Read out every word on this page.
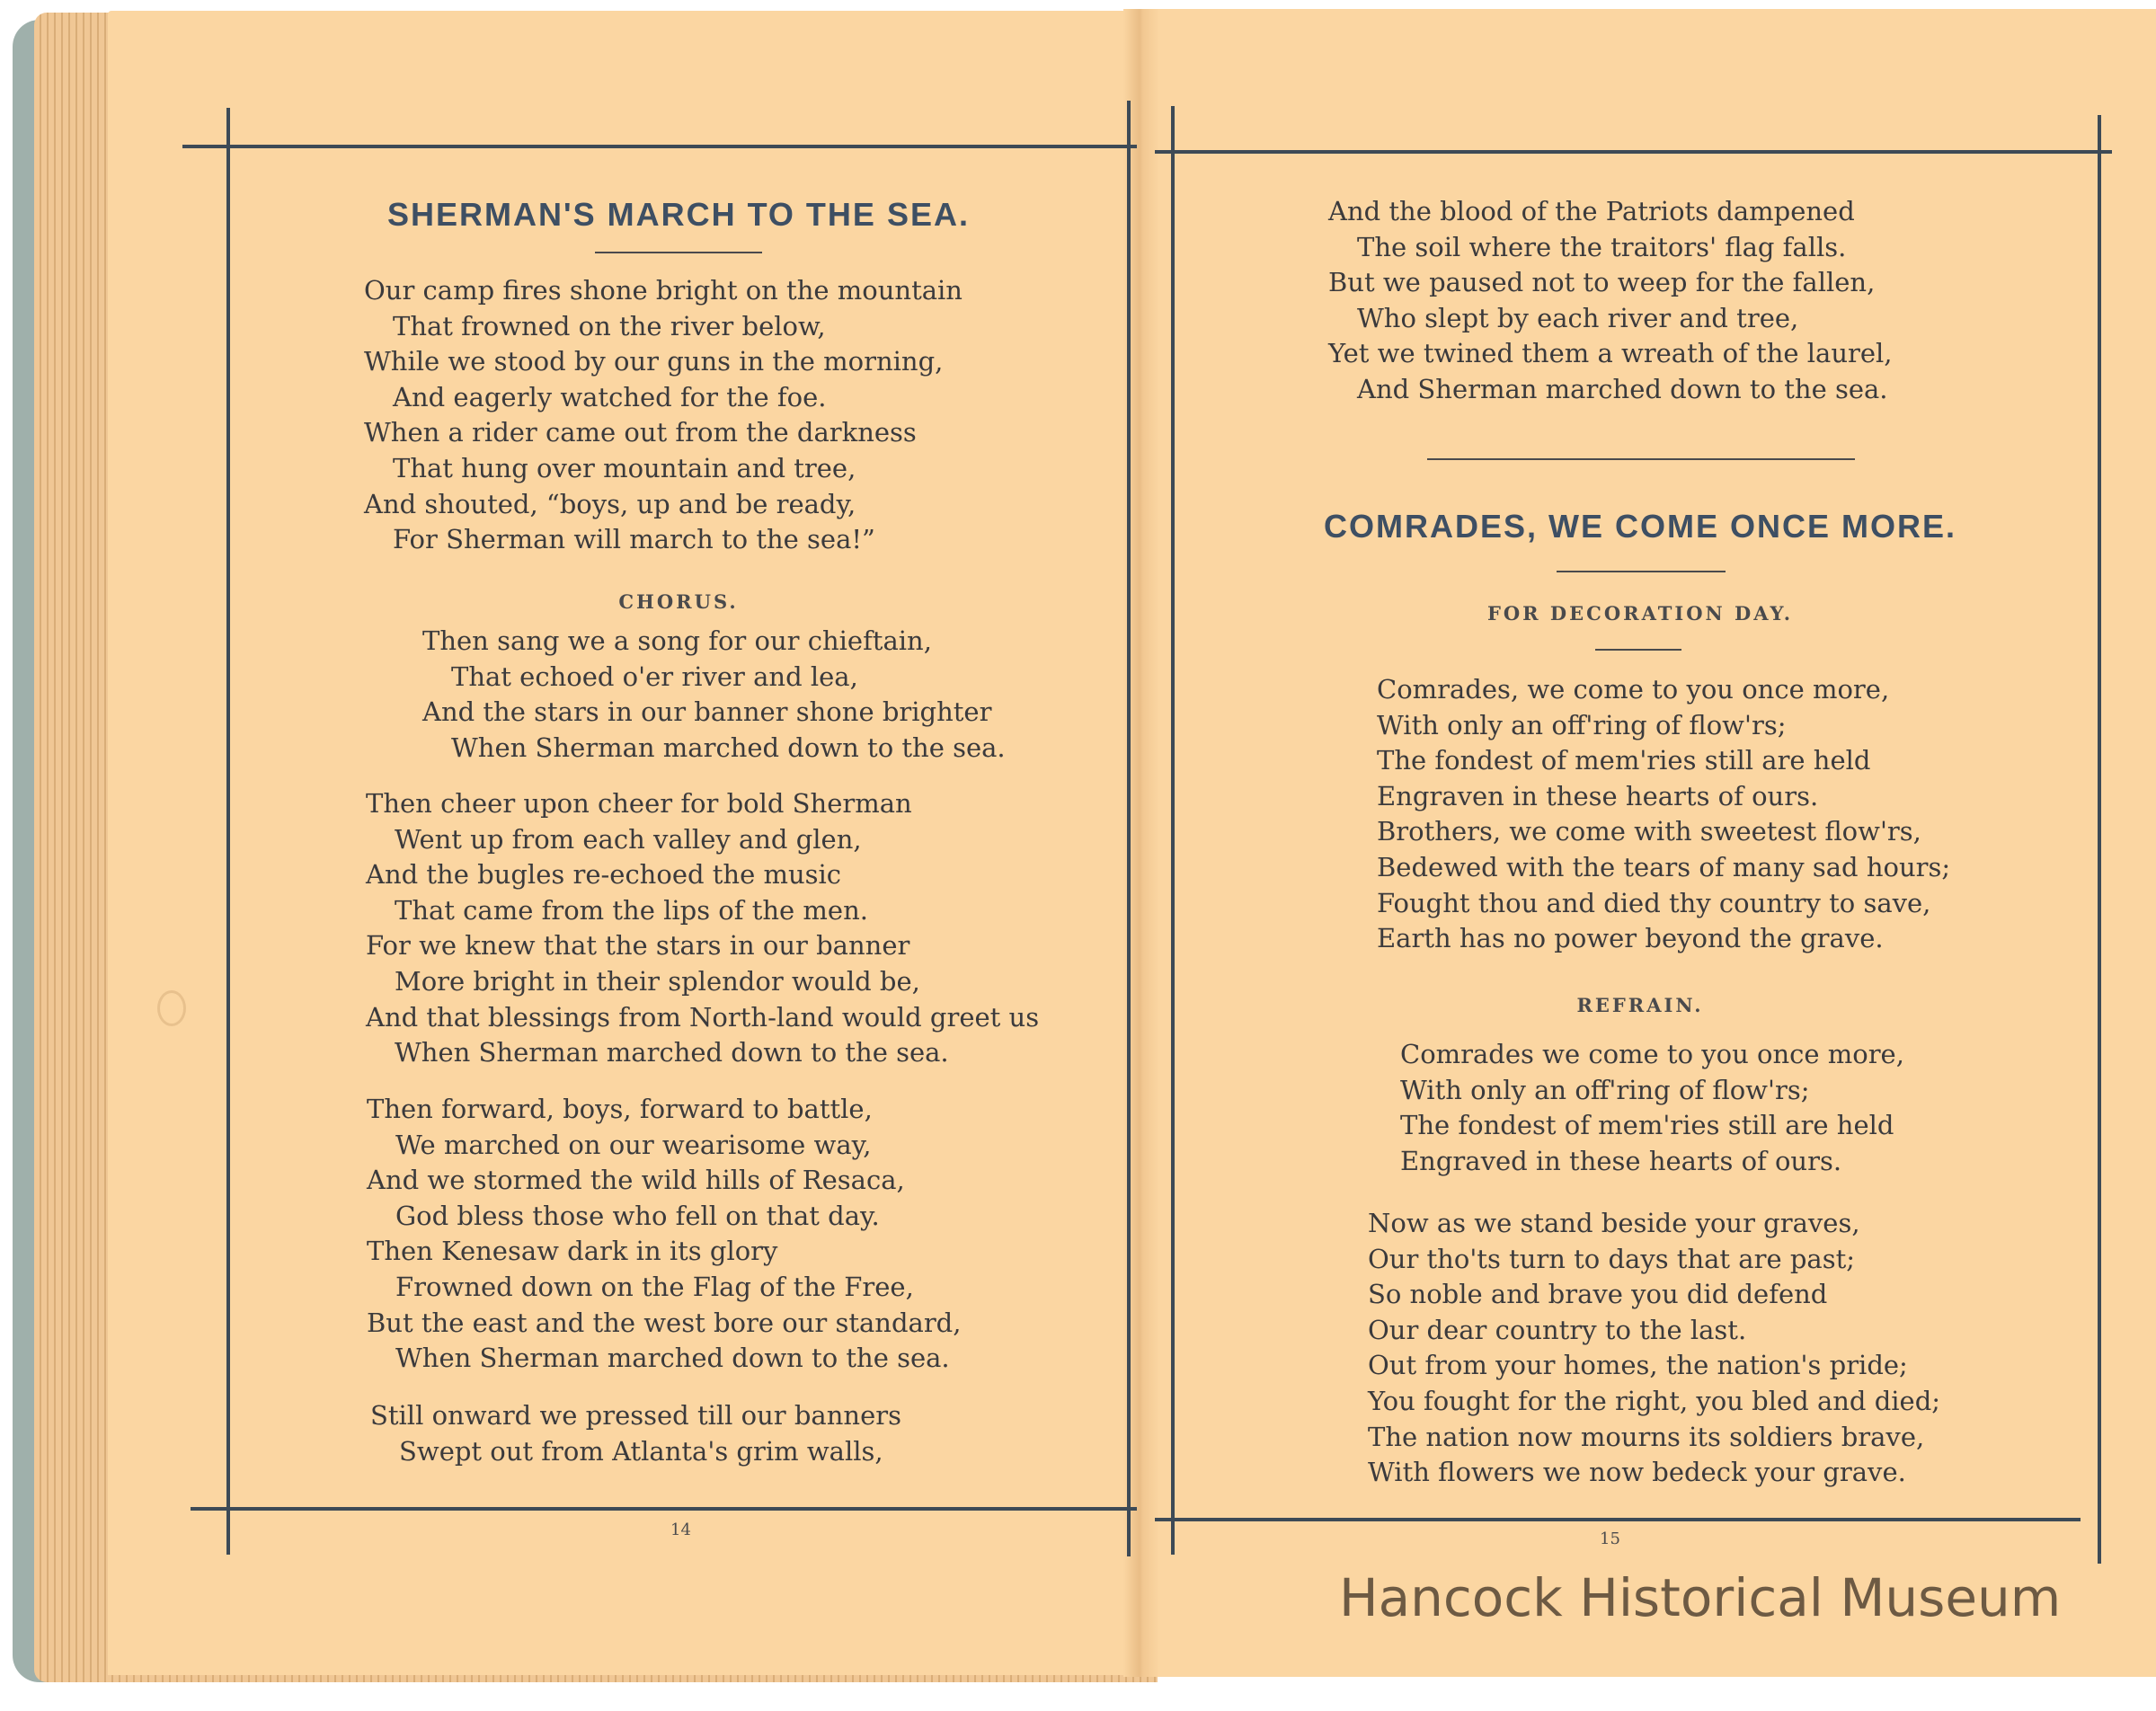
SHERMAN'S MARCH TO THE SEA.
Our camp fires shone bright on the mountain
That frowned on the river below,
While we stood by our guns in the morning,
And eagerly watched for the foe.
When a rider came out from the darkness
That hung over mountain and tree,
And shouted, “boys, up and be ready,
For Sherman will march to the sea!”
CHORUS.
Then sang we a song for our chieftain,
That echoed o'er river and lea,
And the stars in our banner shone brighter
When Sherman marched down to the sea.
Then cheer upon cheer for bold Sherman
Went up from each valley and glen,
And the bugles re-echoed the music
That came from the lips of the men.
For we knew that the stars in our banner
More bright in their splendor would be,
And that blessings from North-land would greet us
When Sherman marched down to the sea.
Then forward, boys, forward to battle,
We marched on our wearisome way,
And we stormed the wild hills of Resaca,
God bless those who fell on that day.
Then Kenesaw dark in its glory
Frowned down on the Flag of the Free,
But the east and the west bore our standard,
When Sherman marched down to the sea.
Still onward we pressed till our banners
Swept out from Atlanta's grim walls,
14
And the blood of the Patriots dampened
The soil where the traitors' flag falls.
But we paused not to weep for the fallen,
Who slept by each river and tree,
Yet we twined them a wreath of the laurel,
And Sherman marched down to the sea.
COMRADES, WE COME ONCE MORE.
FOR DECORATION DAY.
Comrades, we come to you once more,
With only an off'ring of flow'rs;
The fondest of mem'ries still are held
Engraven in these hearts of ours.
Brothers, we come with sweetest flow'rs,
Bedewed with the tears of many sad hours;
Fought thou and died thy country to save,
Earth has no power beyond the grave.
REFRAIN.
Comrades we come to you once more,
With only an off'ring of flow'rs;
The fondest of mem'ries still are held
Engraved in these hearts of ours.
Now as we stand beside your graves,
Our tho'ts turn to days that are past;
So noble and brave you did defend
Our dear country to the last.
Out from your homes, the nation's pride;
You fought for the right, you bled and died;
The nation now mourns its soldiers brave,
With flowers we now bedeck your grave.
15
Hancock Historical Museum
